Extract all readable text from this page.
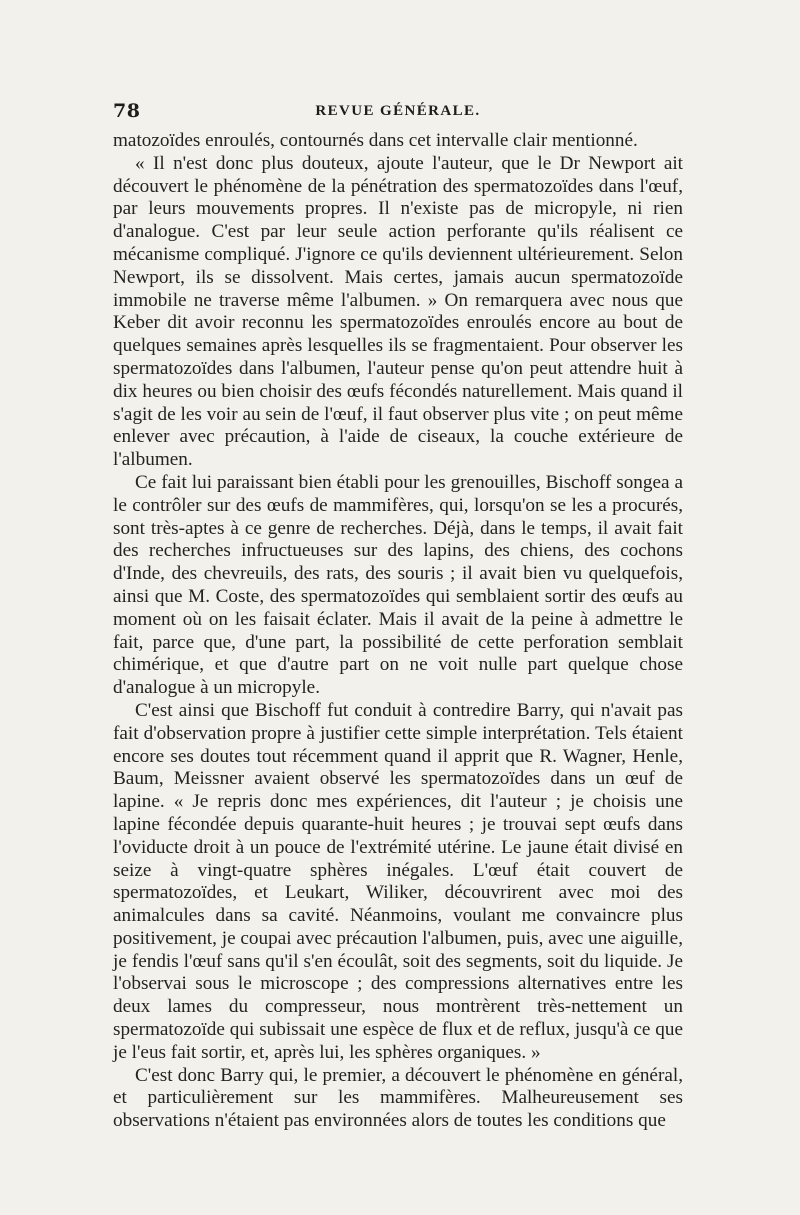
78	REVUE GÉNÉRALE.

matozoïdes enroulés, contournés dans cet intervalle clair mentionné.

« Il n'est donc plus douteux, ajoute l'auteur, que le Dr Newport ait découvert le phénomène de la pénétration des spermatozoïdes dans l'œuf, par leurs mouvements propres. Il n'existe pas de micropyle, ni rien d'analogue. C'est par leur seule action perforante qu'ils réalisent ce mécanisme compliqué. J'ignore ce qu'ils deviennent ultérieurement. Selon Newport, ils se dissolvent. Mais certes, jamais aucun spermatozoïde immobile ne traverse même l'albumen. » On remarquera avec nous que Keber dit avoir reconnu les spermatozoïdes enroulés encore au bout de quelques semaines après lesquelles ils se fragmentaient. Pour observer les spermatozoïdes dans l'albumen, l'auteur pense qu'on peut attendre huit à dix heures ou bien choisir des œufs fécondés naturellement. Mais quand il s'agit de les voir au sein de l'œuf, il faut observer plus vite ; on peut même enlever avec précaution, à l'aide de ciseaux, la couche extérieure de l'albumen.

Ce fait lui paraissant bien établi pour les grenouilles, Bischoff songea a le contrôler sur des œufs de mammifères, qui, lorsqu'on se les a procurés, sont très-aptes à ce genre de recherches. Déjà, dans le temps, il avait fait des recherches infructueuses sur des lapins, des chiens, des cochons d'Inde, des chevreuils, des rats, des souris ; il avait bien vu quelquefois, ainsi que M. Coste, des spermatozoïdes qui semblaient sortir des œufs au moment où on les faisait éclater. Mais il avait de la peine à admettre le fait, parce que, d'une part, la possibilité de cette perforation semblait chimérique, et que d'autre part on ne voit nulle part quelque chose d'analogue à un micropyle.

C'est ainsi que Bischoff fut conduit à contredire Barry, qui n'avait pas fait d'observation propre à justifier cette simple interprétation. Tels étaient encore ses doutes tout récemment quand il apprit que R. Wagner, Henle, Baum, Meissner avaient observé les spermatozoïdes dans un œuf de lapine. « Je repris donc mes expériences, dit l'auteur ; je choisis une lapine fécondée depuis quarante-huit heures ; je trouvai sept œufs dans l'oviducte droit à un pouce de l'extrémité utérine. Le jaune était divisé en seize à vingt-quatre sphères inégales. L'œuf était couvert de spermatozoïdes, et Leukart, Wiliker, découvrirent avec moi des animalcules dans sa cavité. Néanmoins, voulant me convaincre plus positivement, je coupai avec précaution l'albumen, puis, avec une aiguille, je fendis l'œuf sans qu'il s'en écoulât, soit des segments, soit du liquide. Je l'observai sous le microscope ; des compressions alternatives entre les deux lames du compresseur, nous montrèrent très-nettement un spermatozoïde qui subissait une espèce de flux et de reflux, jusqu'à ce que je l'eus fait sortir, et, après lui, les sphères organiques. »

C'est donc Barry qui, le premier, a découvert le phénomène en général, et particulièrement sur les mammifères. Malheureusement ses observations n'étaient pas environnées alors de toutes les conditions que
